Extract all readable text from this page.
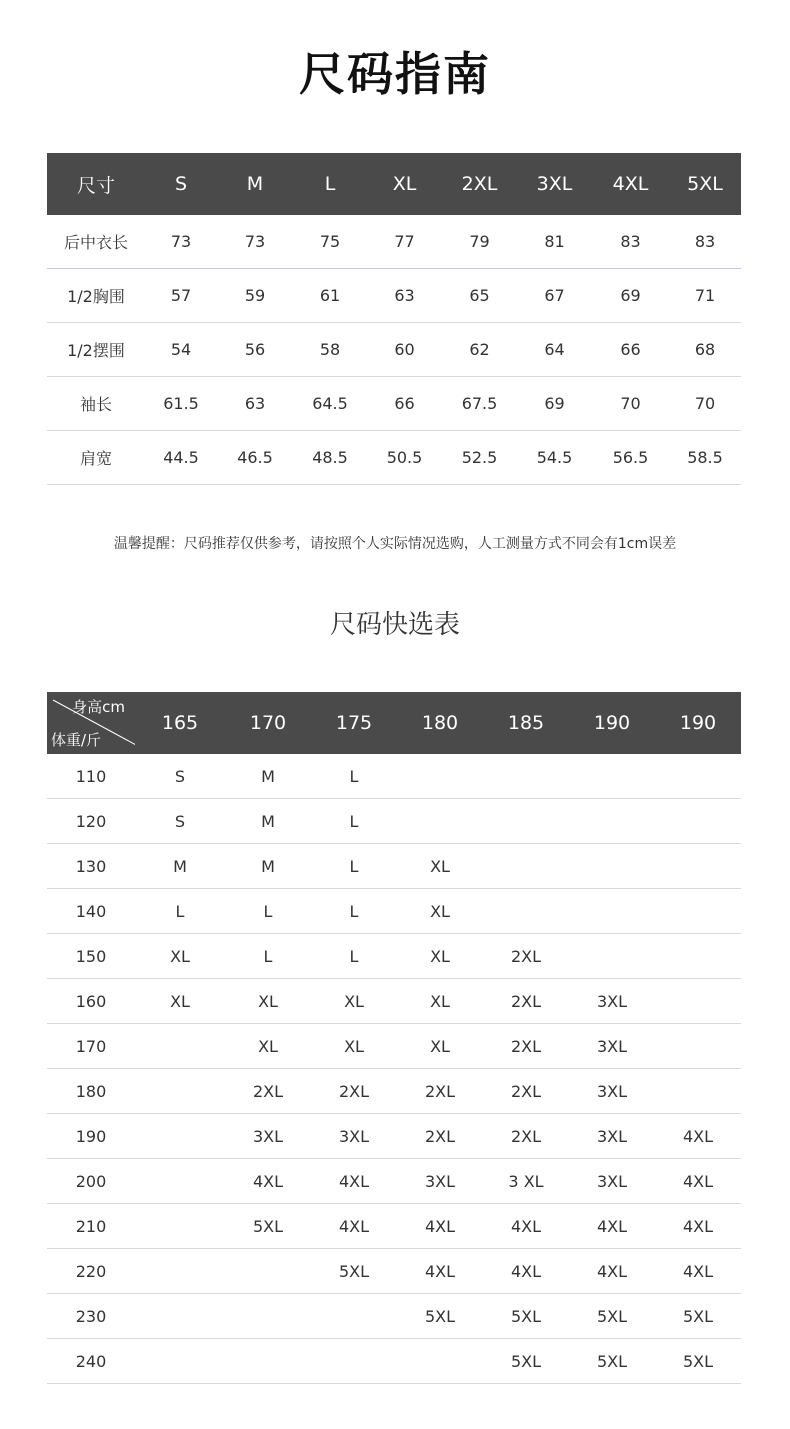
尺码指南
尺寸	S	M	L	XL	2XL	3XL	4XL	5XL
后中衣长	73	73	75	77	79	81	83	83
1/2胸围	57	59	61	63	65	67	69	71
1/2摆围	54	56	58	60	62	64	66	68
袖长	61.5	63	64.5	66	67.5	69	70	70
肩宽	44.5	46.5	48.5	50.5	52.5	54.5	56.5	58.5
温馨提醒：尺码推荐仅供参考，请按照个人实际情况选购，人工测量方式不同会有1cm误差
尺码快选表
身高cm
体重/斤	165	170	175	180	185	190	190
110	S	M	L				
120	S	M	L				
130	M	M	L	XL			
140	L	L	L	XL			
150	XL	L	L	XL	2XL		
160	XL	XL	XL	XL	2XL	3XL	
170		XL	XL	XL	2XL	3XL	
180		2XL	2XL	2XL	2XL	3XL	
190		3XL	3XL	2XL	2XL	3XL	4XL
200		4XL	4XL	3XL	3 XL	3XL	4XL
210		5XL	4XL	4XL	4XL	4XL	4XL
220			5XL	4XL	4XL	4XL	4XL
230				5XL	5XL	5XL	5XL
240					5XL	5XL	5XL
